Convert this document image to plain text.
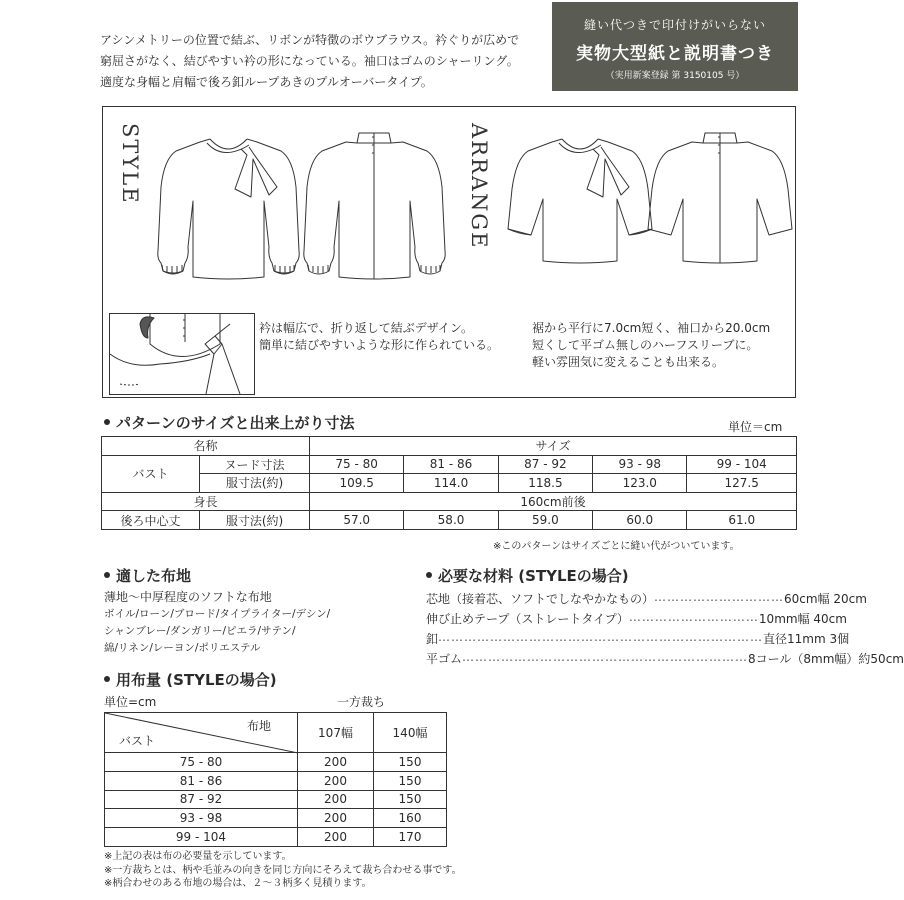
アシンメトリーの位置で結ぶ、リボンが特徴のボウブラウス。衿ぐりが広めで
窮屈さがなく、結びやすい衿の形になっている。袖口はゴムのシャーリング。
適度な身幅と肩幅で後ろ釦ループあきのプルオーバータイプ。
縫い代つきで印付けがいらない
実物大型紙と説明書つき
（実用新案登録 第 3150105 号）
STYLE	ARRANGE
衿は幅広で、折り返して結ぶデザイン。
簡単に結びやすいような形に作られている。
裾から平行に7.0cm短く、袖口から20.0cm
短くして平ゴム無しのハーフスリーブに。
軽い雰囲気に変えることも出来る。
パターンのサイズと出来上がり寸法	単位＝cm
名称		サイズ				
バスト	ヌード寸法	75 - 80	81 - 86	87 - 92	93 - 98	99 - 104
	服寸法(約)	109.5	114.0	118.5	123.0	127.5
身長		160cm前後				
後ろ中心丈	服寸法(約)	57.0	58.0	59.0	60.0	61.0
※このパターンはサイズごとに縫い代がついています。
適した布地
薄地〜中厚程度のソフトな布地
ボイル/ローン/ブロード/タイプライター/デシン/
シャンブレー/ダンガリー/ピエラ/サテン/
綿/リネン/レーヨン/ポリエステル
必要な材料 (STYLEの場合)
芯地（接着芯、ソフトでしなやかなもの） ………………………… 60cm幅 20cm
伸び止めテープ（ストレートタイプ） ………………………… 10mm幅 40cm
釦 ………………………………………………………………… 直径11mm 3個
平ゴム ………………………………………………………… 8コール（8mm幅）約50cm
用布量 (STYLEの場合)
単位=cm	一方裁ち
布地
バスト	107幅	140幅
75 - 80	200	150
81 - 86	200	150
87 - 92	200	150
93 - 98	200	160
99 - 104	200	170
※上記の表は布の必要量を示しています。
※一方裁ちとは、柄や毛並みの向きを同じ方向にそろえて裁ち合わせる事です。
※柄合わせのある布地の場合は、２〜３柄多く見積ります。
